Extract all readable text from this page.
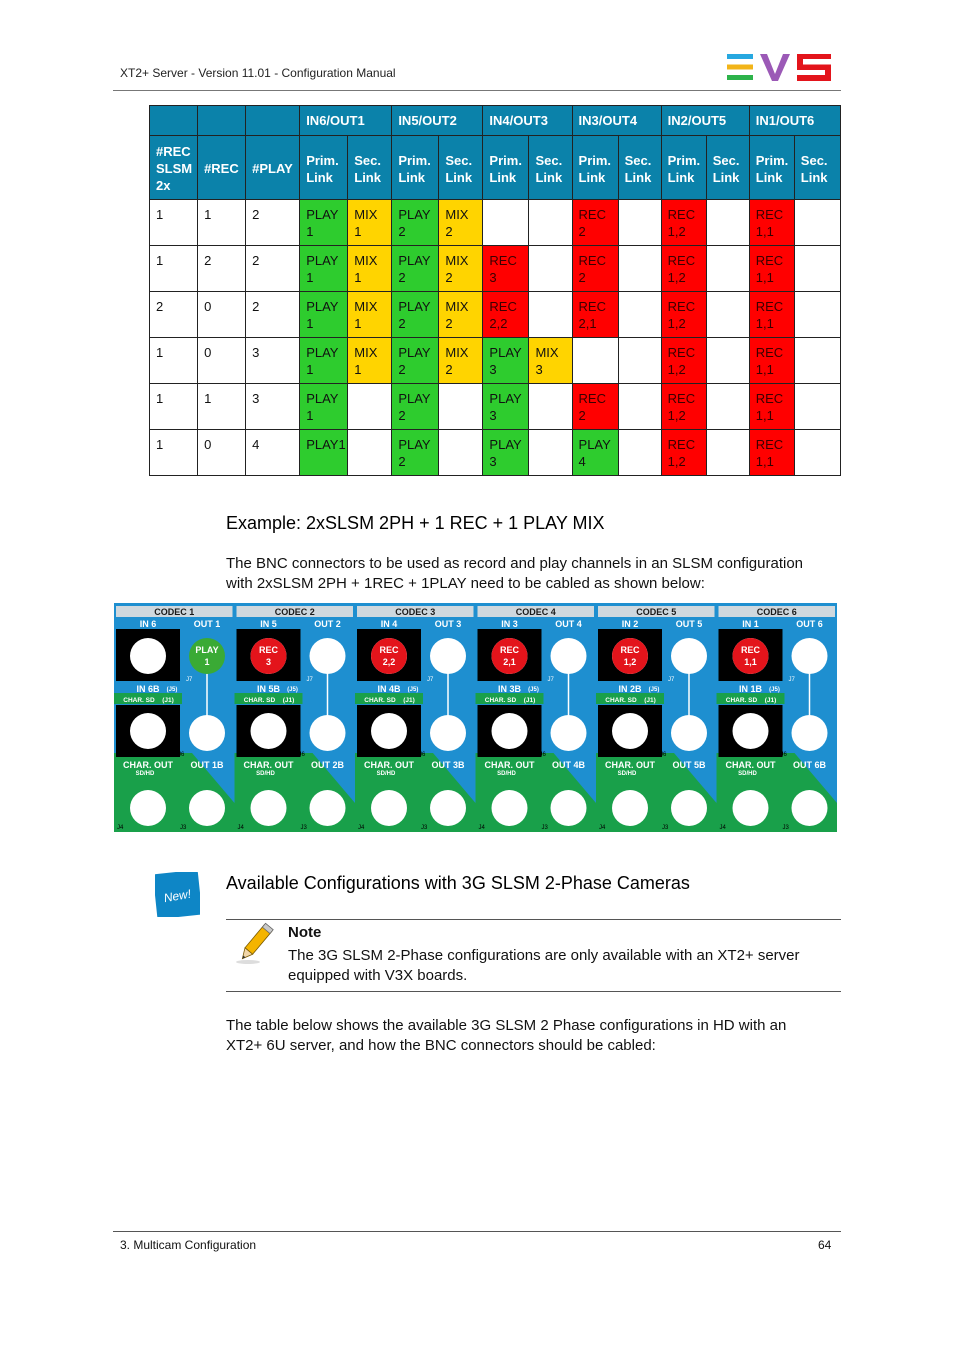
XT2+ Server - Version 11.01 - Configuration Manual
			IN6/OUT1		IN5/OUT2		IN4/OUT3		IN3/OUT4		IN2/OUT5		IN1/OUT6	
#REC SLSM 2x	#REC	#PLAY	Prim. Link	Sec. Link	Prim. Link	Sec. Link	Prim. Link	Sec. Link	Prim. Link	Sec. Link	Prim. Link	Sec. Link	Prim. Link	Sec. Link
1	1	2	PLAY 1	MIX 1	PLAY 2	MIX 2			REC 2		REC 1,2		REC 1,1	
1	2	2	PLAY 1	MIX 1	PLAY 2	MIX 2	REC 3		REC 2		REC 1,2		REC 1,1	
2	0	2	PLAY 1	MIX 1	PLAY 2	MIX 2	REC 2,2		REC 2,1		REC 1,2		REC 1,1	
1	0	3	PLAY 1	MIX 1	PLAY 2	MIX 2	PLAY 3	MIX 3			REC 1,2		REC 1,1	
1	1	3	PLAY 1		PLAY 2		PLAY 3		REC 2		REC 1,2		REC 1,1	
1	0	4	PLAY1		PLAY 2		PLAY 3		PLAY 4		REC 1,2		REC 1,1	
Example: 2xSLSM 2PH + 1 REC + 1 PLAY MIX
The BNC connectors to be used as record and play channels in an SLSM configuration
with 2xSLSM 2PH + 1REC + 1PLAY need to be cabled as shown below:
CODEC 1
IN 6	OUT 1
J8
IN 6B (J5)
CHAR. SD (J1)
J7
J6
CHAR. OUT
SD/HD
OUT 1B
J4	J3
PLAY
1
CODEC 2
IN 5	OUT 2
J8
IN 5B (J5)
CHAR. SD (J1)
J7
J6
CHAR. OUT
SD/HD
OUT 2B
J4	J3
REC
3
CODEC 3
IN 4	OUT 3
J8
IN 4B (J5)
CHAR. SD (J1)
J7
J6
CHAR. OUT
SD/HD
OUT 3B
J4	J3
REC
2,2
CODEC 4
IN 3	OUT 4
J8
IN 3B (J5)
CHAR. SD (J1)
J7
J6
CHAR. OUT
SD/HD
OUT 4B
J4	J3
REC
2,1
CODEC 5
IN 2	OUT 5
J8
IN 2B (J5)
CHAR. SD (J1)
J7
J6
CHAR. OUT
SD/HD
OUT 5B
J4	J3
REC
1,2
CODEC 6
IN 1	OUT 6
J8
IN 1B (J5)
CHAR. SD (J1)
J7
J6
CHAR. OUT
SD/HD
OUT 6B
J4	J3
REC
1,1
New!
Available Configurations with 3G SLSM 2-Phase Cameras
Note
The 3G SLSM 2-Phase configurations are only available with an XT2+ server
equipped with V3X boards.
The table below shows the available 3G SLSM 2 Phase configurations in HD with an
XT2+ 6U server, and how the BNC connectors should be cabled:
3. Multicam Configuration	64
